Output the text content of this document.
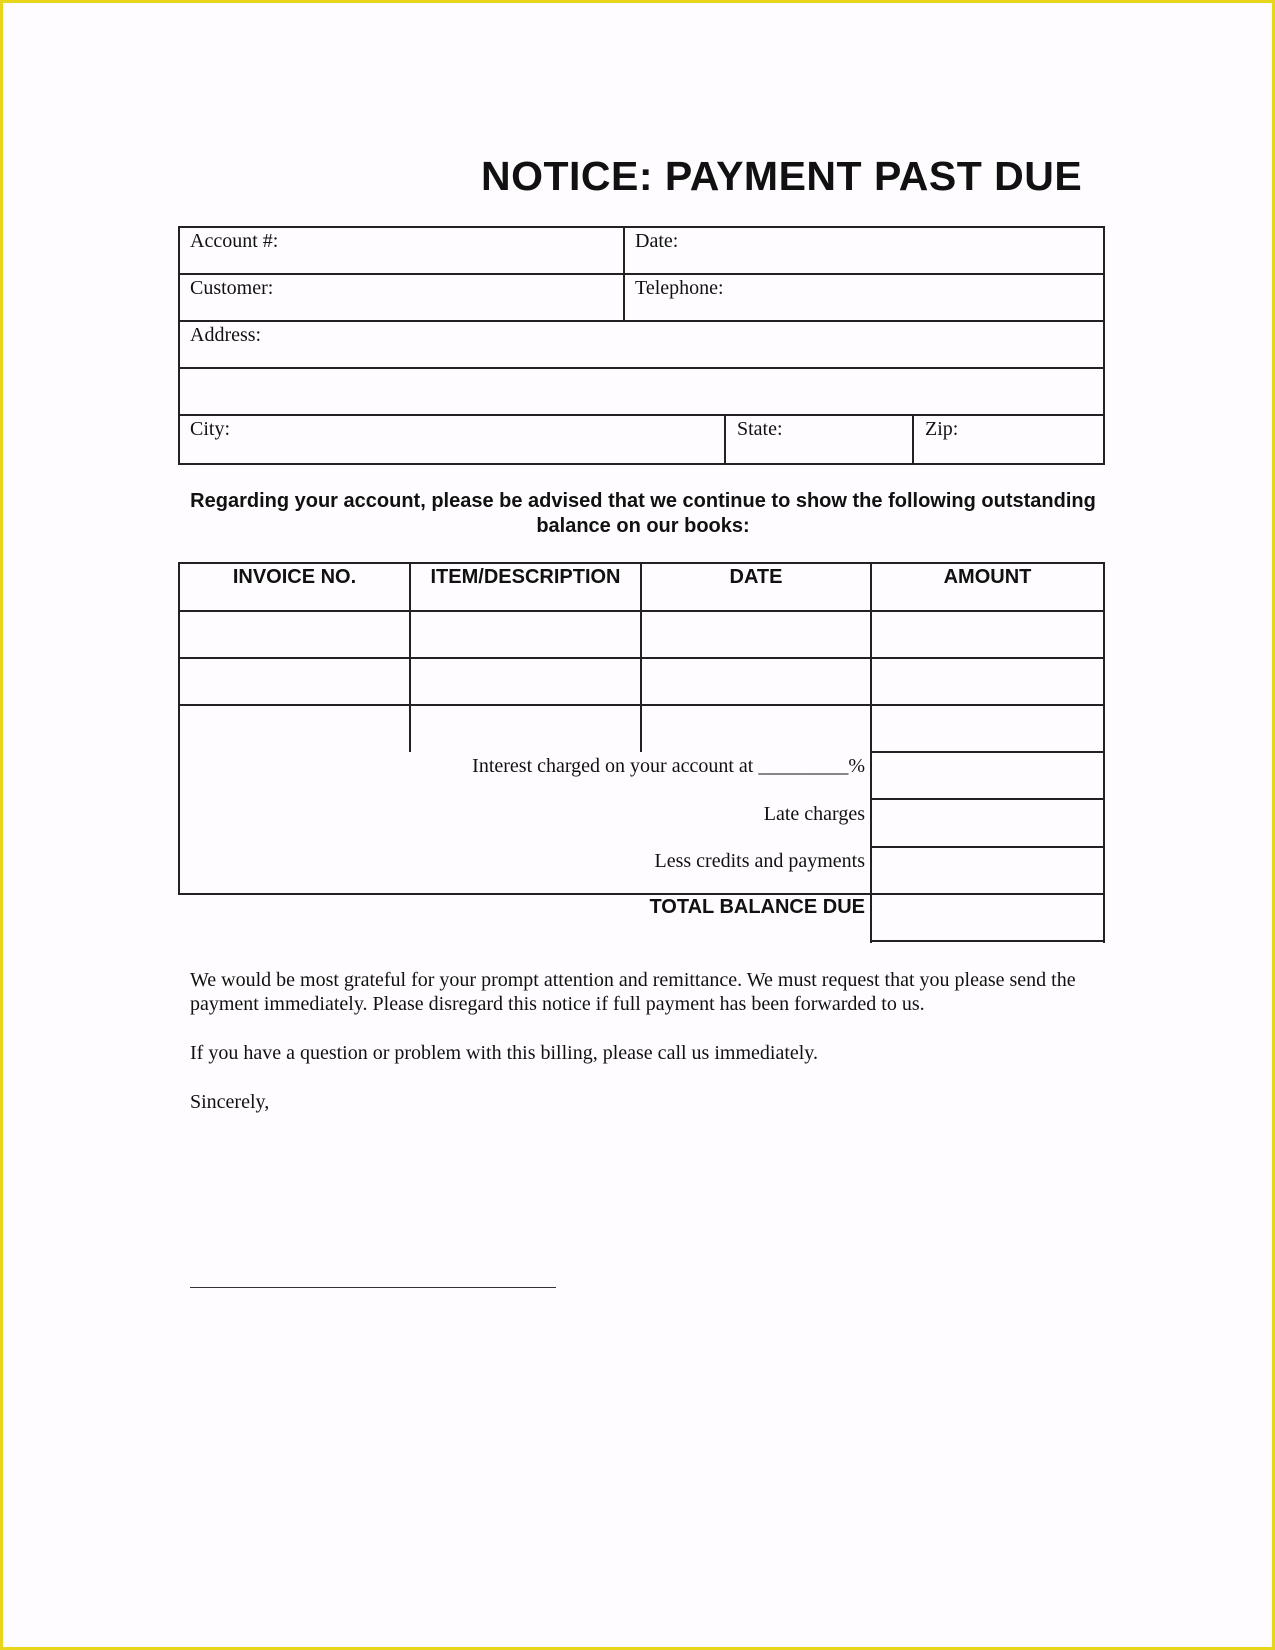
NOTICE: PAYMENT PAST DUE
Account #:	Date:
Customer:	Telephone:
Address:
City:	State:	Zip:
Regarding your account, please be advised that we continue to show the following outstanding balance on our books:
INVOICE NO.	ITEM/DESCRIPTION	DATE	AMOUNT
Interest charged on your account at _________%
Late charges
Less credits and payments
TOTAL BALANCE DUE
We would be most grateful for your prompt attention and remittance. We must request that you please send the payment immediately. Please disregard this notice if full payment has been forwarded to us.
If you have a question or problem with this billing, please call us immediately.
Sincerely,
